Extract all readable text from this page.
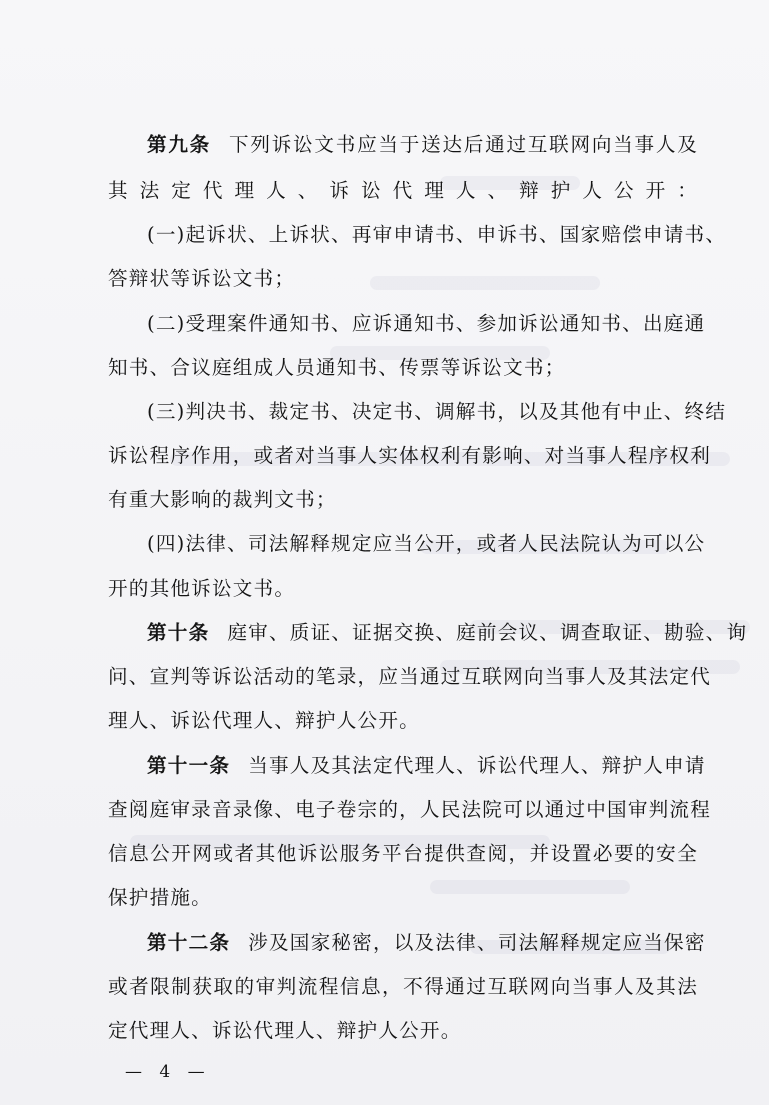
第九条 下列诉讼文书应当于送达后通过互联网向当事人及
其法定代理人、诉讼代理人、辩护人公开：
(一)起诉状、上诉状、再审申请书、申诉书、国家赔偿申请书、
答辩状等诉讼文书；
(二)受理案件通知书、应诉通知书、参加诉讼通知书、出庭通
知书、合议庭组成人员通知书、传票等诉讼文书；
(三)判决书、裁定书、决定书、调解书，以及其他有中止、终结
诉讼程序作用，或者对当事人实体权利有影响、对当事人程序权利
有重大影响的裁判文书；
(四)法律、司法解释规定应当公开，或者人民法院认为可以公
开的其他诉讼文书。
第十条 庭审、质证、证据交换、庭前会议、调查取证、勘验、询
问、宣判等诉讼活动的笔录，应当通过互联网向当事人及其法定代
理人、诉讼代理人、辩护人公开。
第十一条 当事人及其法定代理人、诉讼代理人、辩护人申请
查阅庭审录音录像、电子卷宗的，人民法院可以通过中国审判流程
信息公开网或者其他诉讼服务平台提供查阅，并设置必要的安全
保护措施。
第十二条 涉及国家秘密，以及法律、司法解释规定应当保密
或者限制获取的审判流程信息，不得通过互联网向当事人及其法
定代理人、诉讼代理人、辩护人公开。
— 4 —
